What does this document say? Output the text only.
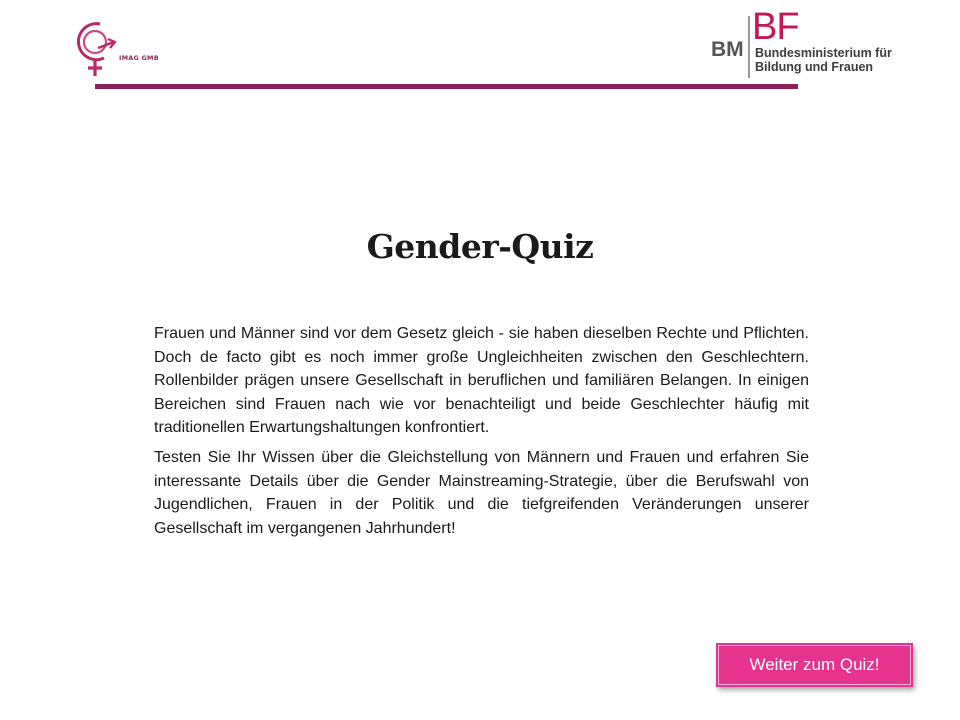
IMAG GMB	BM
BF
Bundesministerium für
Bildung und Frauen
Gender-Quiz

Frauen und Männer sind vor dem Gesetz gleich - sie haben dieselben Rechte und Pflichten. Doch de facto gibt es noch immer große Ungleichheiten zwischen den Geschlechtern. Rollenbilder prägen unsere Gesellschaft in beruflichen und familiären Belangen. In einigen Bereichen sind Frauen nach wie vor benachteiligt und beide Geschlechter häufig mit traditionellen Erwartungshaltungen konfrontiert.

Testen Sie Ihr Wissen über die Gleichstellung von Männern und Frauen und erfahren Sie interessante Details über die Gender Mainstreaming-Strategie, über die Berufswahl von Jugendlichen, Frauen in der Politik und die tiefgreifenden Veränderungen unserer Gesellschaft im vergangenen Jahrhundert!

Weiter zum Quiz!
